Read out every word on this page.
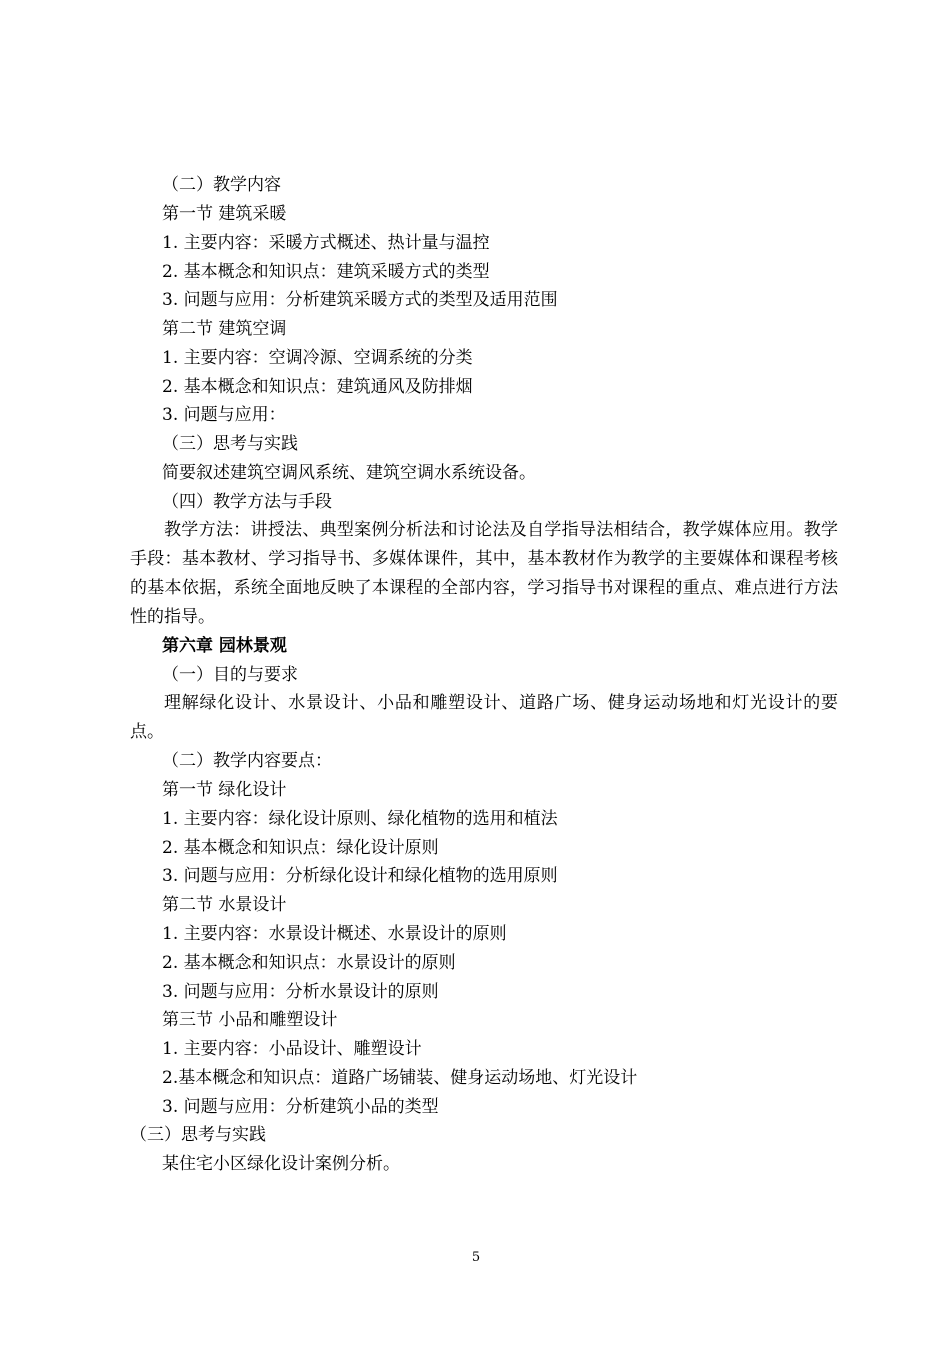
（二）教学内容
第一节 建筑采暖
1. 主要内容：采暖方式概述、热计量与温控
2. 基本概念和知识点：建筑采暖方式的类型
3. 问题与应用：分析建筑采暖方式的类型及适用范围
第二节 建筑空调
1. 主要内容：空调冷源、空调系统的分类
2. 基本概念和知识点：建筑通风及防排烟
3. 问题与应用：
（三）思考与实践
简要叙述建筑空调风系统、建筑空调水系统设备。
（四）教学方法与手段
教学方法：讲授法、典型案例分析法和讨论法及自学指导法相结合，教学媒体应用。教学手段：基本教材、学习指导书、多媒体课件，其中，基本教材作为教学的主要媒体和课程考核的基本依据，系统全面地反映了本课程的全部内容，学习指导书对课程的重点、难点进行方法性的指导。
第六章 园林景观
（一）目的与要求
理解绿化设计、水景设计、小品和雕塑设计、道路广场、健身运动场地和灯光设计的要点。
（二）教学内容要点：
第一节 绿化设计
1. 主要内容：绿化设计原则、绿化植物的选用和植法
2. 基本概念和知识点：绿化设计原则
3. 问题与应用：分析绿化设计和绿化植物的选用原则
第二节 水景设计
1. 主要内容：水景设计概述、水景设计的原则
2. 基本概念和知识点：水景设计的原则
3. 问题与应用：分析水景设计的原则
第三节 小品和雕塑设计
1. 主要内容：小品设计、雕塑设计
2.基本概念和知识点：道路广场铺装、健身运动场地、灯光设计
3. 问题与应用：分析建筑小品的类型
（三）思考与实践
某住宅小区绿化设计案例分析。
5
